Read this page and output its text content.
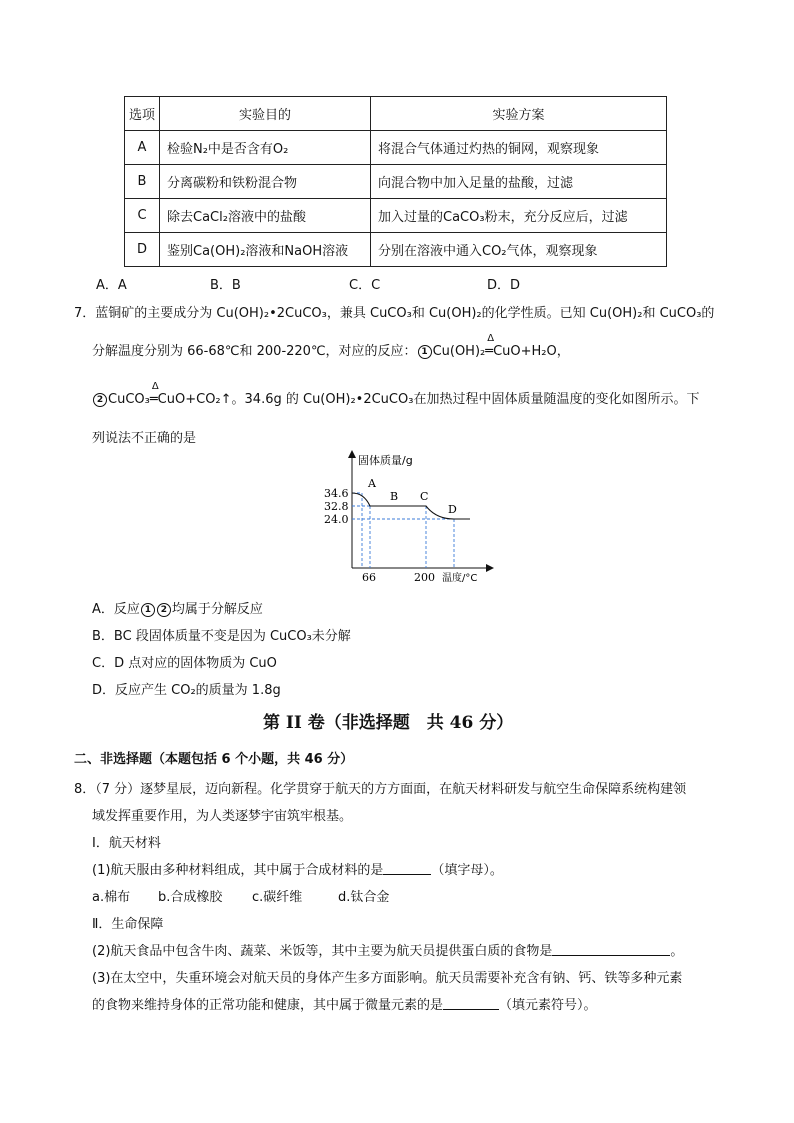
选项	实验目的	实验方案
A	检验N₂中是否含有O₂	将混合气体通过灼热的铜网，观察现象
B	分离碳粉和铁粉混合物	向混合物中加入足量的盐酸，过滤
C	除去CaCl₂溶液中的盐酸	加入过量的CaCO₃粉末，充分反应后，过滤
D	鉴别Ca(OH)₂溶液和NaOH溶液	分别在溶液中通入CO₂气体，观察现象
A．A	B．B	C．C	D．D
7．蓝铜矿的主要成分为 Cu(OH)₂•2CuCO₃，兼具 CuCO₃和 Cu(OH)₂的化学性质。已知 Cu(OH)₂和 CuCO₃的
分解温度分别为 66-68℃和 200-220℃，对应的反应： 1 Cu(OH)₂
Δ
═CuO+H₂O，
2 CuCO₃
Δ
═CuO+CO₂↑。34.6g 的 Cu(OH)₂•2CuCO₃在加热过程中固体质量随温度的变化如图所示。下
列说法不正确的是
固体质量/g
温度/°C
34.6
32.8
24.0
66	200
A
B C
D
A．反应 1 2 均属于分解反应
B．BC 段固体质量不变是因为 CuCO₃未分解
C．D 点对应的固体物质为 CuO
D．反应产生 CO₂的质量为 1.8g
第 II 卷（非选择题　共 46 分）
二、非选择题（本题包括 6 个小题，共 46 分）
8．（7 分）逐梦星辰，迈向新程。化学贯穿于航天的方方面面，在航天材料研发与航空生命保障系统构建领
域发挥重要作用，为人类逐梦宇宙筑牢根基。
Ⅰ．航天材料
(1)航天服由多种材料组成，其中属于合成材料的是	（填字母）。
a.棉布 b.合成橡胶 c.碳纤维	d.钛合金
Ⅱ．生命保障
(2)航天食品中包含牛肉、蔬菜、米饭等，其中主要为航天员提供蛋白质的食物是	。
(3)在太空中，失重环境会对航天员的身体产生多方面影响。航天员需要补充含有钠、钙、铁等多种元素
的食物来维持身体的正常功能和健康，其中属于微量元素的是	（填元素符号）。
